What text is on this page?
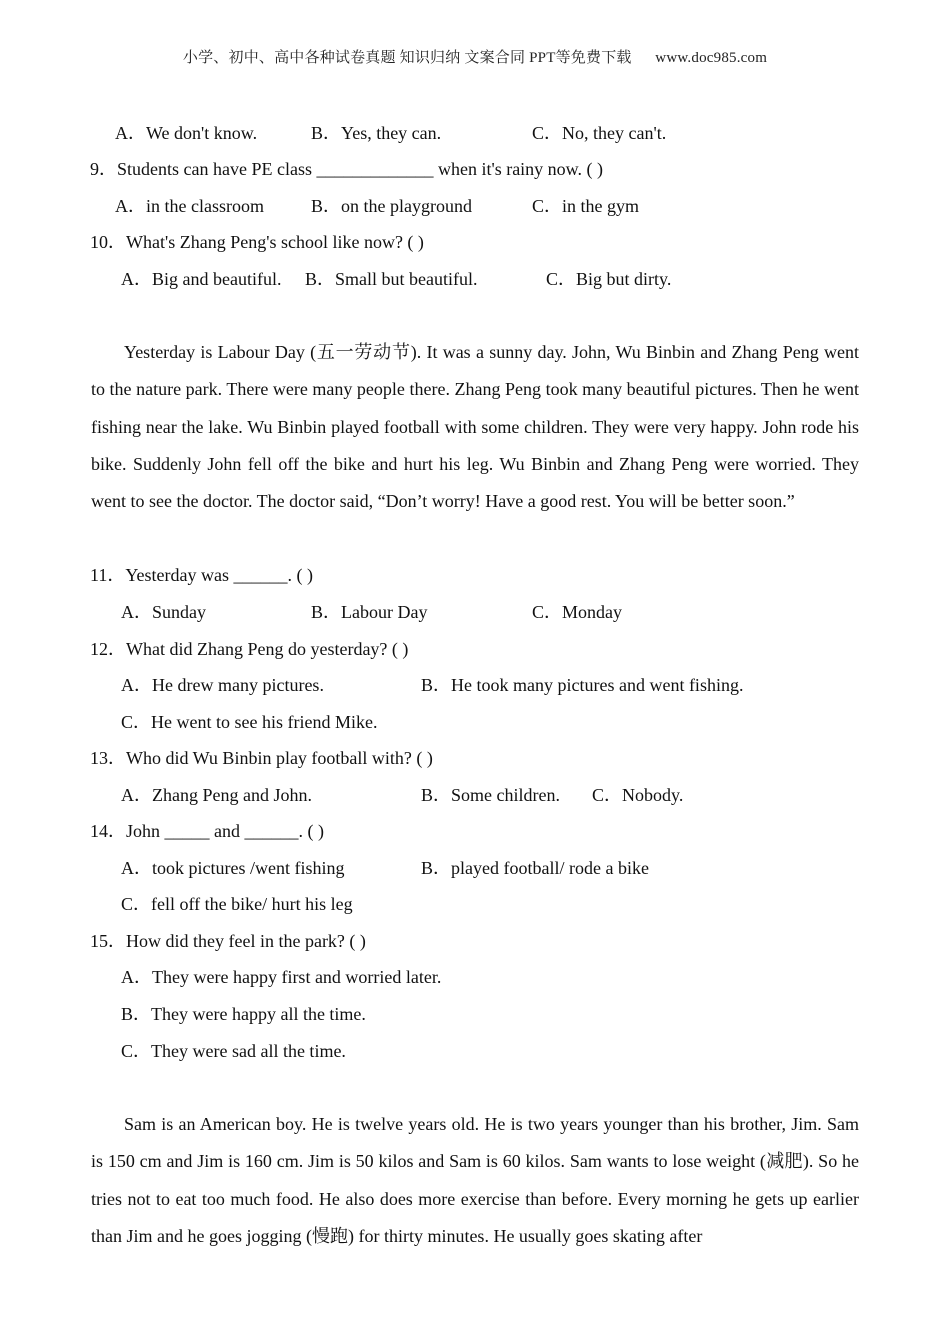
小学、初中、高中各种试卷真题 知识归纳 文案合同 PPT等免费下载 www.doc985.com
A．We don't know.	B．Yes, they can.	C．No, they can't.
9．Students can have PE class _____________ when it's rainy now. ( )
A．in the classroom	B．on the playground	C．in the gym
10．What's Zhang Peng's school like now? ( )
A．Big and beautiful. B．Small but beautiful.	C．Big but dirty.
Yesterday is Labour Day (五一劳动节). It was a sunny day. John, Wu Binbin and Zhang Peng went to the nature park. There were many people there. Zhang Peng took many beautiful pictures. Then he went fishing near the lake. Wu Binbin played football with some children. They were very happy. John rode his bike. Suddenly John fell off the bike and hurt his leg. Wu Binbin and Zhang Peng were worried. They went to see the doctor. The doctor said, “Don’t worry! Have a good rest. You will be better soon.”
11．Yesterday was ______. ( )
A．Sunday	B．Labour Day	C．Monday
12．What did Zhang Peng do yesterday? ( )
A．He drew many pictures.	B．He took many pictures and went fishing.
C．He went to see his friend Mike.
13．Who did Wu Binbin play football with? ( )
A．Zhang Peng and John.	B．Some children. C．Nobody.
14．John _____ and ______. ( )
A．took pictures /went fishing	B．played football/ rode a bike
C．fell off the bike/ hurt his leg
15．How did they feel in the park? ( )
A．They were happy first and worried later.
B．They were happy all the time.
C．They were sad all the time.
Sam is an American boy. He is twelve years old. He is two years younger than his brother, Jim. Sam is 150 cm and Jim is 160 cm. Jim is 50 kilos and Sam is 60 kilos. Sam wants to lose weight (减肥). So he tries not to eat too much food. He also does more exercise than before. Every morning he gets up earlier than Jim and he goes jogging (慢跑) for thirty minutes. He usually goes skating after
